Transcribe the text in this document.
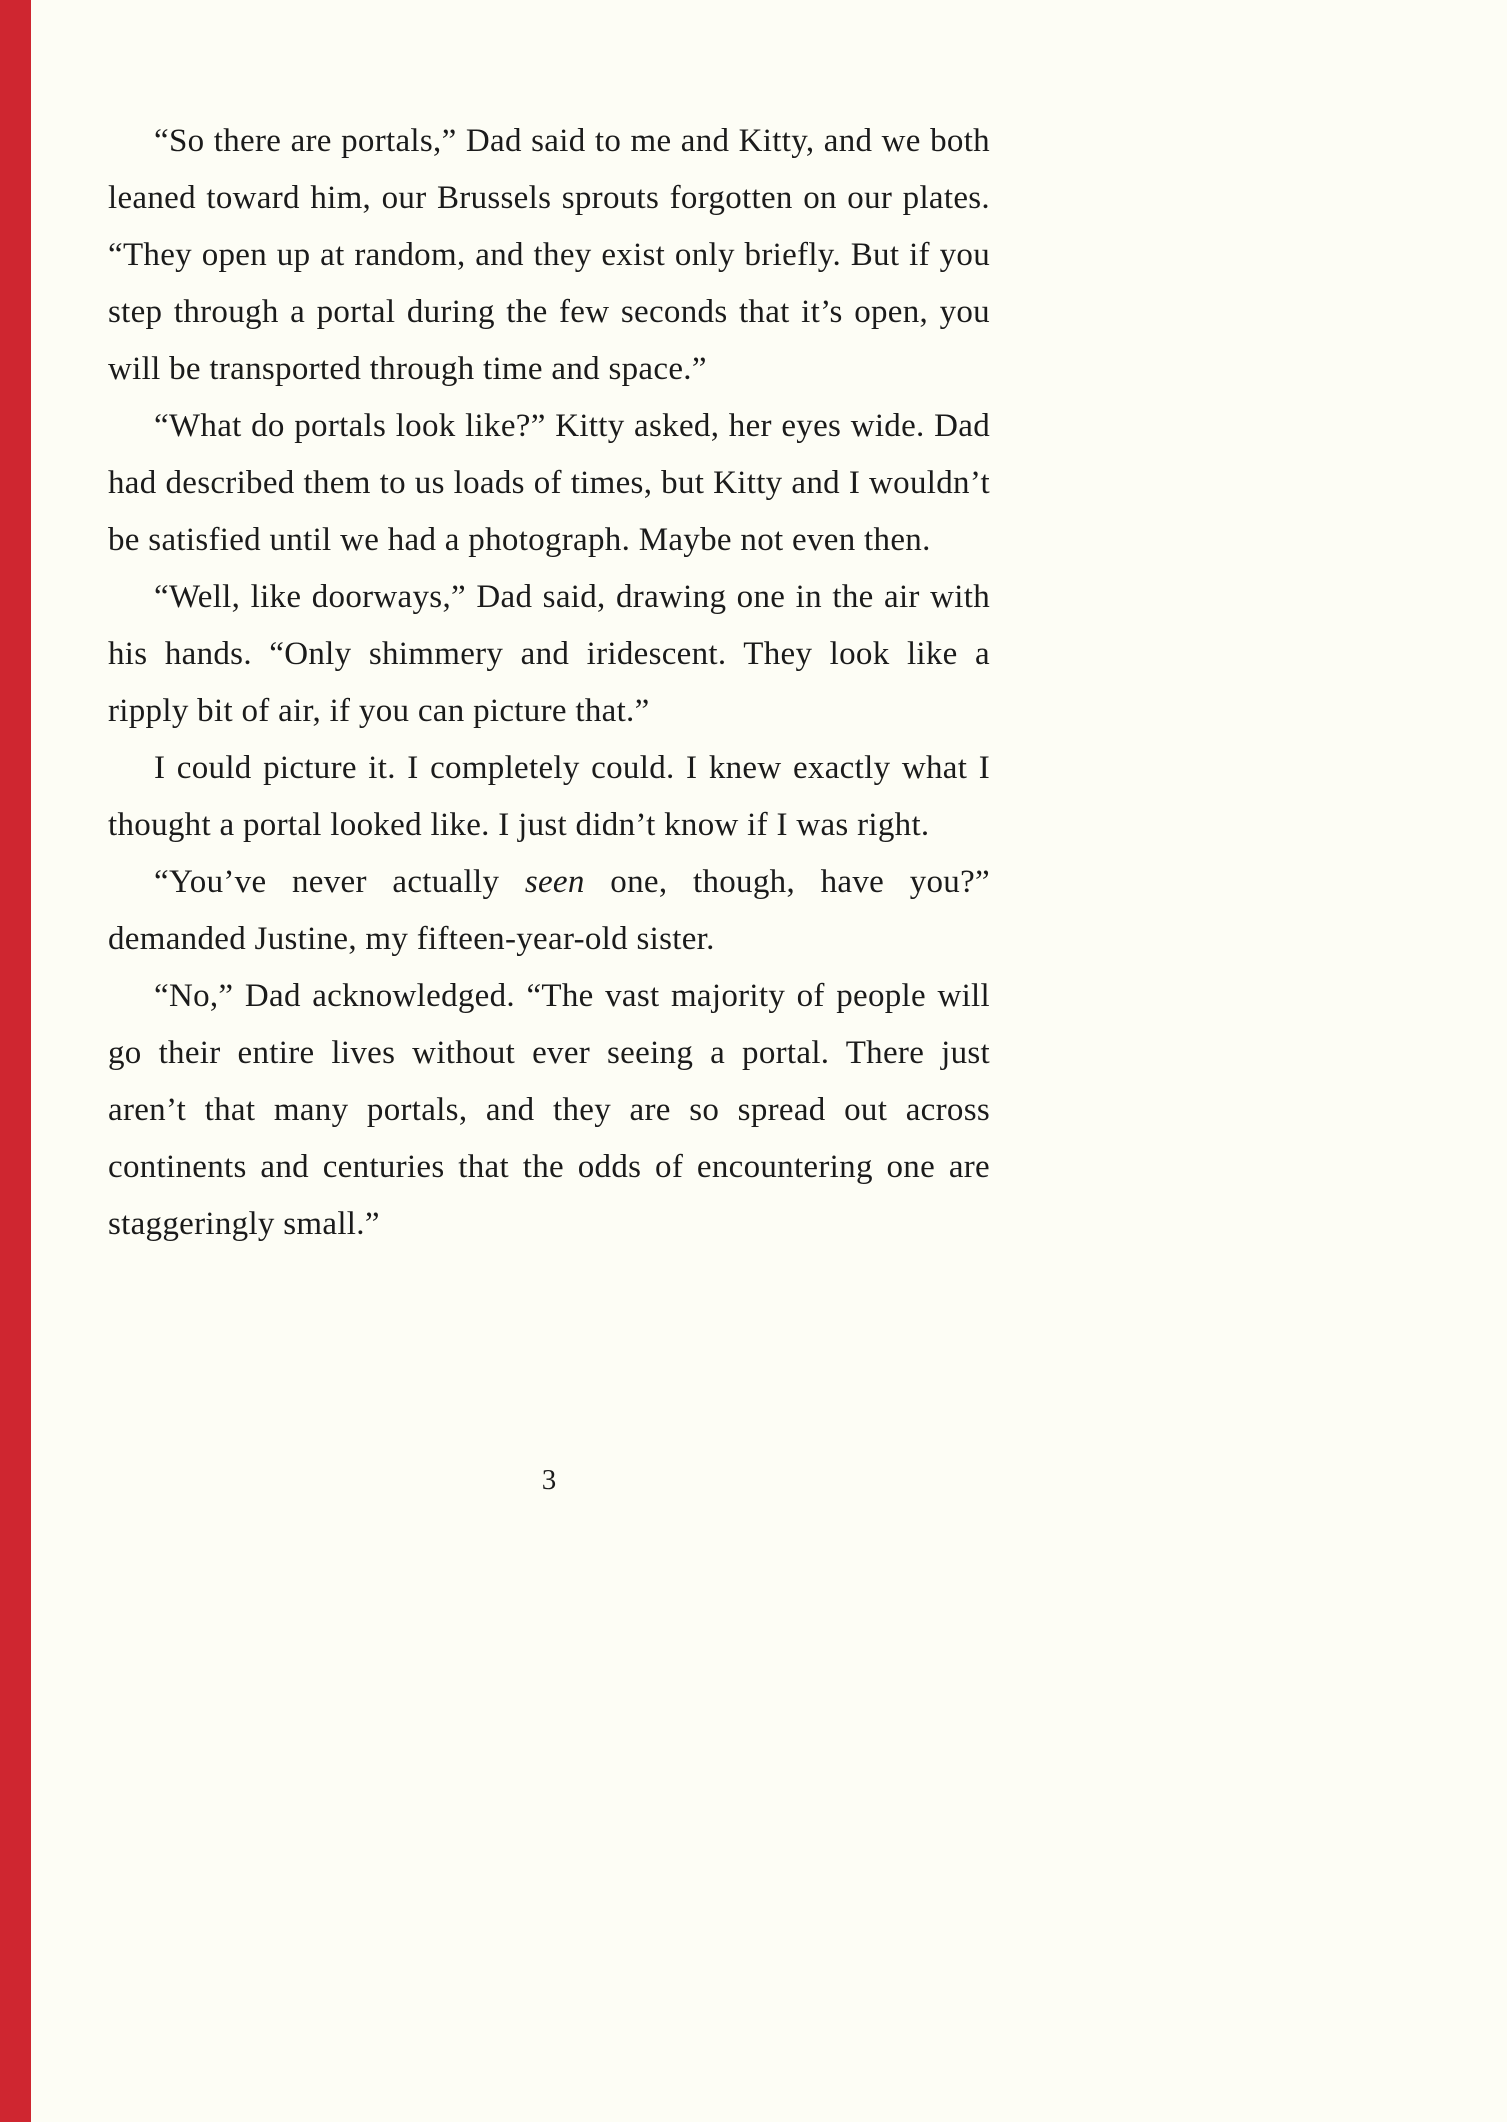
“So there are portals,” Dad said to me and Kitty, and we both leaned toward him, our Brussels sprouts forgotten on our plates. “They open up at random, and they exist only briefly. But if you step through a portal during the few seconds that it’s open, you will be transported through time and space.”

“What do portals look like?” Kitty asked, her eyes wide. Dad had described them to us loads of times, but Kitty and I wouldn’t be satisfied until we had a photograph. Maybe not even then.

“Well, like doorways,” Dad said, drawing one in the air with his hands. “Only shimmery and iridescent. They look like a ripply bit of air, if you can picture that.”

I could picture it. I completely could. I knew exactly what I thought a portal looked like. I just didn’t know if I was right.

“You’ve never actually seen one, though, have you?” demanded Justine, my fifteen-year-old sister.

“No,” Dad acknowledged. “The vast majority of people will go their entire lives without ever seeing a portal. There just aren’t that many portals, and they are so spread out across continents and centuries that the odds of encountering one are staggeringly small.”

3
